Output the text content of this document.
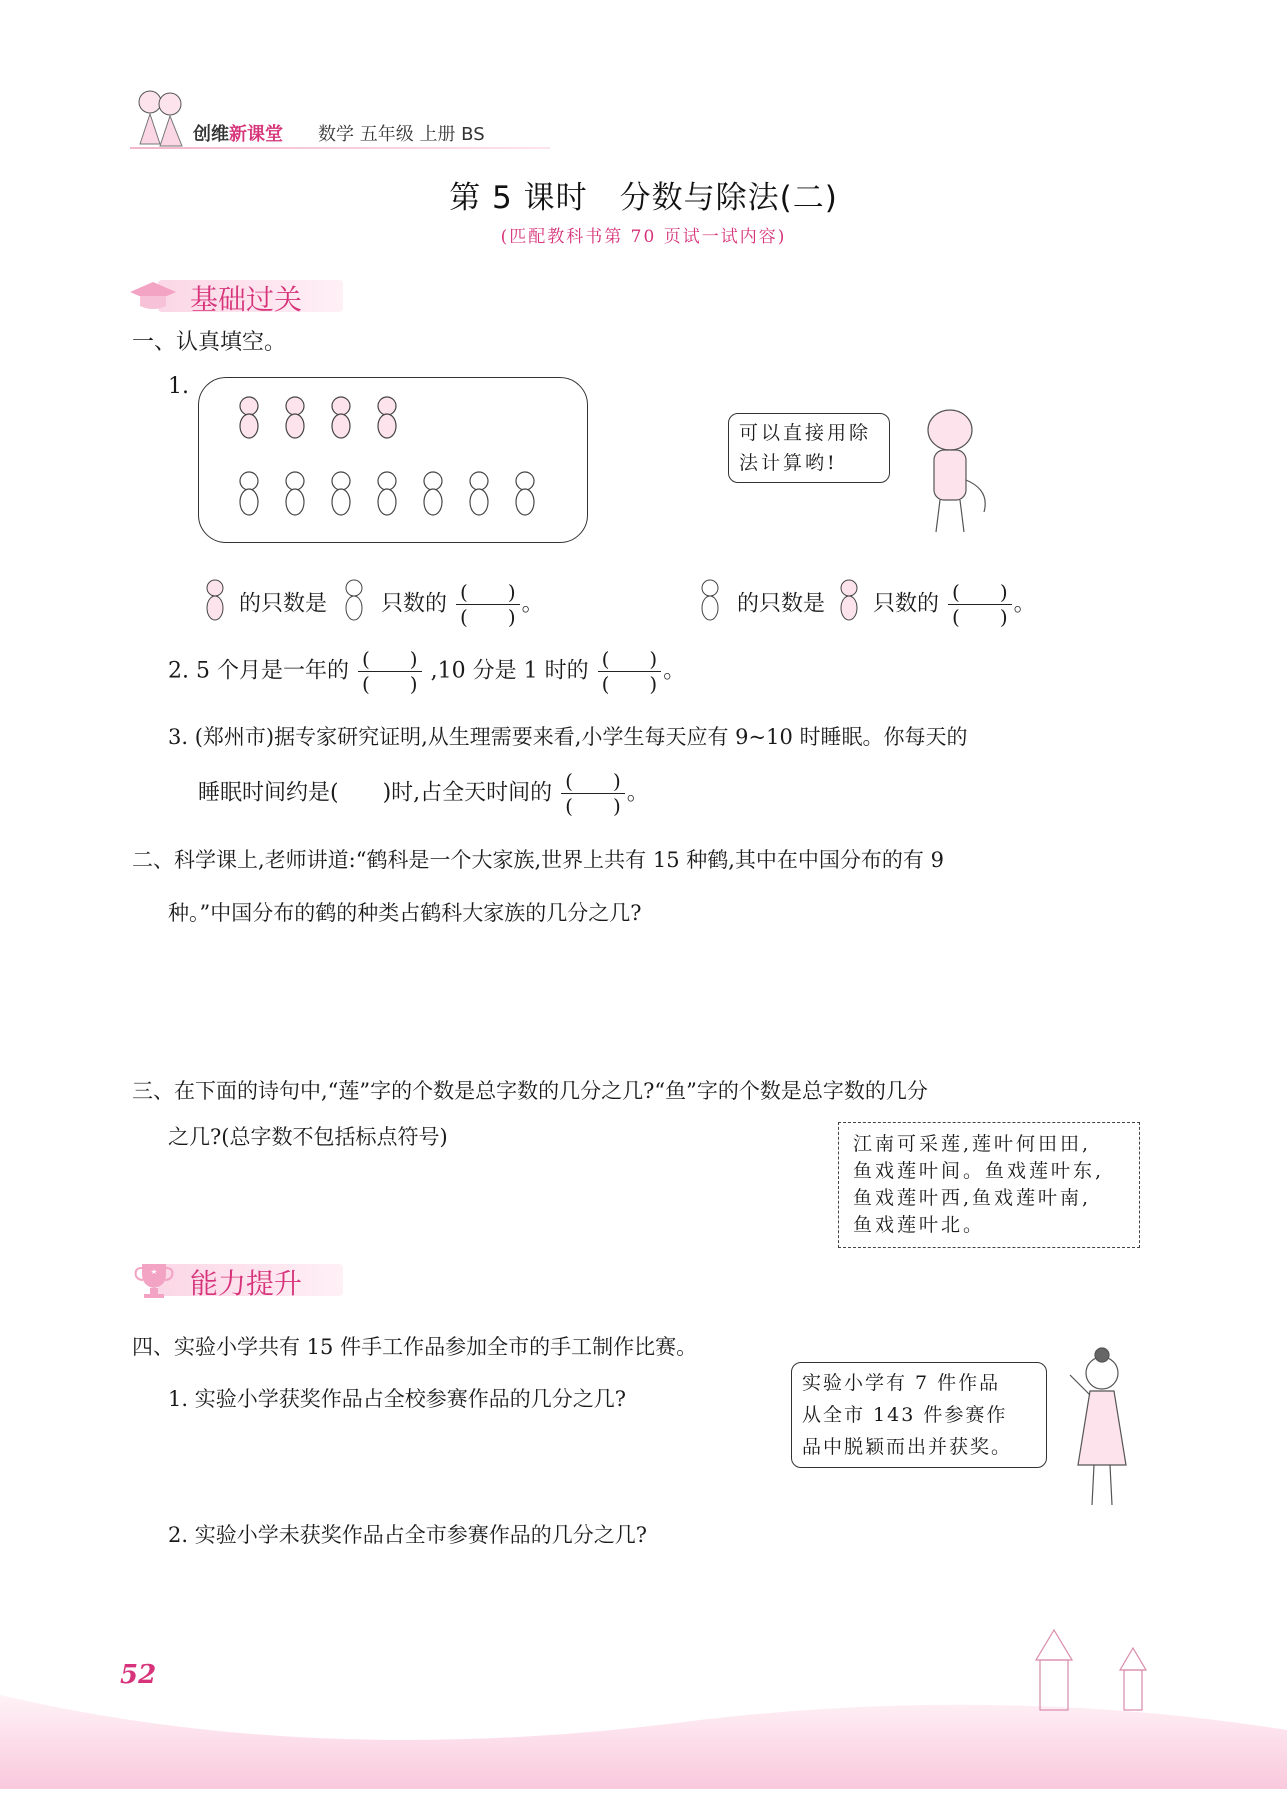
创维新课堂 数学 五年级 上册 BS
第 5 课时　分数与除法(二)
(匹配教科书第 70 页试一试内容)
基础过关
一、认真填空。
1.
可以直接用除
法计算哟!
的只数是 只数的 $\frac{( )}{( )}$ 。	的只数是 只数的 $\frac{( )}{( )}$ 。
2. 5 个月是一年的 $\frac{( )}{( )} ,10$ 分是 1 时的 $\frac{( )}{( )}$ 。
3. (郑州市)据专家研究证明,从生理需要来看,小学生每天应有 9~10 时睡眠。你每天的
睡眠时间约是(　　)时,占全天时间的 $\frac{( )}{( )}$ 。
二、科学课上,老师讲道:“鹤科是一个大家族,世界上共有 15 种鹤,其中在中国分布的有 9
种。”中国分布的鹤的种类占鹤科大家族的几分之几?
三、在下面的诗句中,“莲”字的个数是总字数的几分之几?“鱼”字的个数是总字数的几分
之几?(总字数不包括标点符号)	江南可采莲,莲叶何田田,
鱼戏莲叶间。鱼戏莲叶东,
鱼戏莲叶西,鱼戏莲叶南,
鱼戏莲叶北。
能力提升
四、实验小学共有 15 件手工作品参加全市的手工制作比赛。
1. 实验小学获奖作品占全校参赛作品的几分之几?
2. 实验小学未获奖作品占全市参赛作品的几分之几?
实验小学有 7 件作品
从全市 143 件参赛作
品中脱颖而出并获奖。
52
